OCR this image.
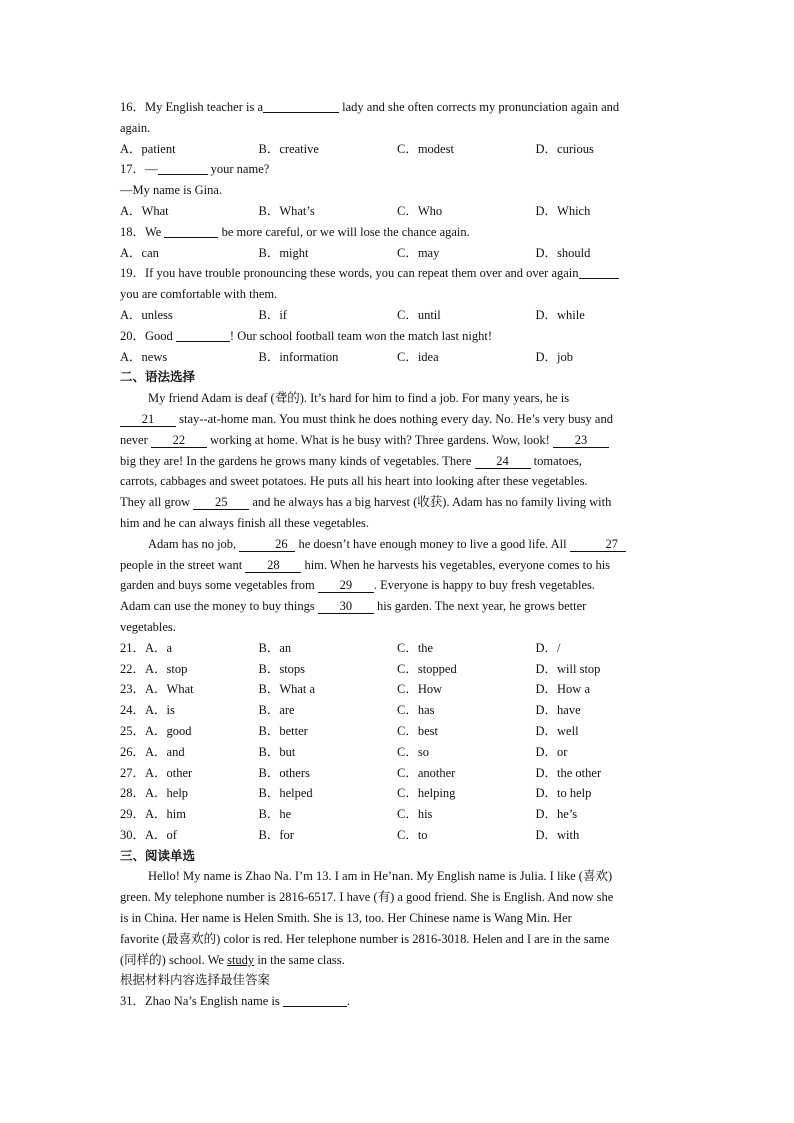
16．My English teacher is a	lady and she often corrects my pronunciation again and
again.
A．patient	B．creative	C．modest	D．curious
17．—	your name?
—My name is Gina.
A．What	B．What’s	C．Who	D．Which
18．We	be more careful, or we will lose the chance again.
A．can	B．might	C．may	D．should
19．If you have trouble pronouncing these words, you can repeat them over and over again
you are comfortable with them.
A．unless	B．if	C．until	D．while
20．Good	! Our school football team won the match last night!
A．news	B．information	C．idea	D．job
二、语法选择
My friend Adam is deaf (聋的). It’s hard for him to find a job. For many years, he is
21 stay--at-home man. You must think he does nothing every day. No. He’s very busy and
never 22 working at home. What is he busy with? Three gardens. Wow, look! 23
big they are! In the gardens he grows many kinds of vegetables. There 24 tomatoes,
carrots, cabbages and sweet potatoes. He puts all his heart into looking after these vegetables.
They all grow 25 and he always has a big harvest (收获). Adam has no family living with
him and he can always finish all these vegetables.
Adam has no job,	26 he doesn’t have enough money to live a good life. All	27
people in the street want 28 him. When he harvests his vegetables, everyone comes to his
garden and buys some vegetables from 29 . Everyone is happy to buy fresh vegetables.
Adam can use the money to buy things 30 his garden. The next year, he grows better
vegetables.
21．A．a	B．an	C．the	D．/
22．A．stop	B．stops	C．stopped	D．will stop
23．A．What	B．What a	C．How	D．How a
24．A．is	B．are	C．has	D．have
25．A．good	B．better	C．best	D．well
26．A．and	B．but	C．so	D．or
27．A．other	B．others	C．another	D．the other
28．A．help	B．helped	C．helping	D．to help
29．A．him	B．he	C．his	D．he’s
30．A．of	B．for	C．to	D．with
三、阅读单选
Hello! My name is Zhao Na. I’m 13. I am in He’nan. My English name is Julia. I like (喜欢)
green. My telephone number is 2816-6517. I have (有) a good friend. She is English. And now she
is in China. Her name is Helen Smith. She is 13, too. Her Chinese name is Wang Min. Her
favorite (最喜欢的) color is red. Her telephone number is 2816-3018. Helen and I are in the same
(同样的) school. We study in the same class.
根据材料内容选择最佳答案
31．Zhao Na’s English name is	.
